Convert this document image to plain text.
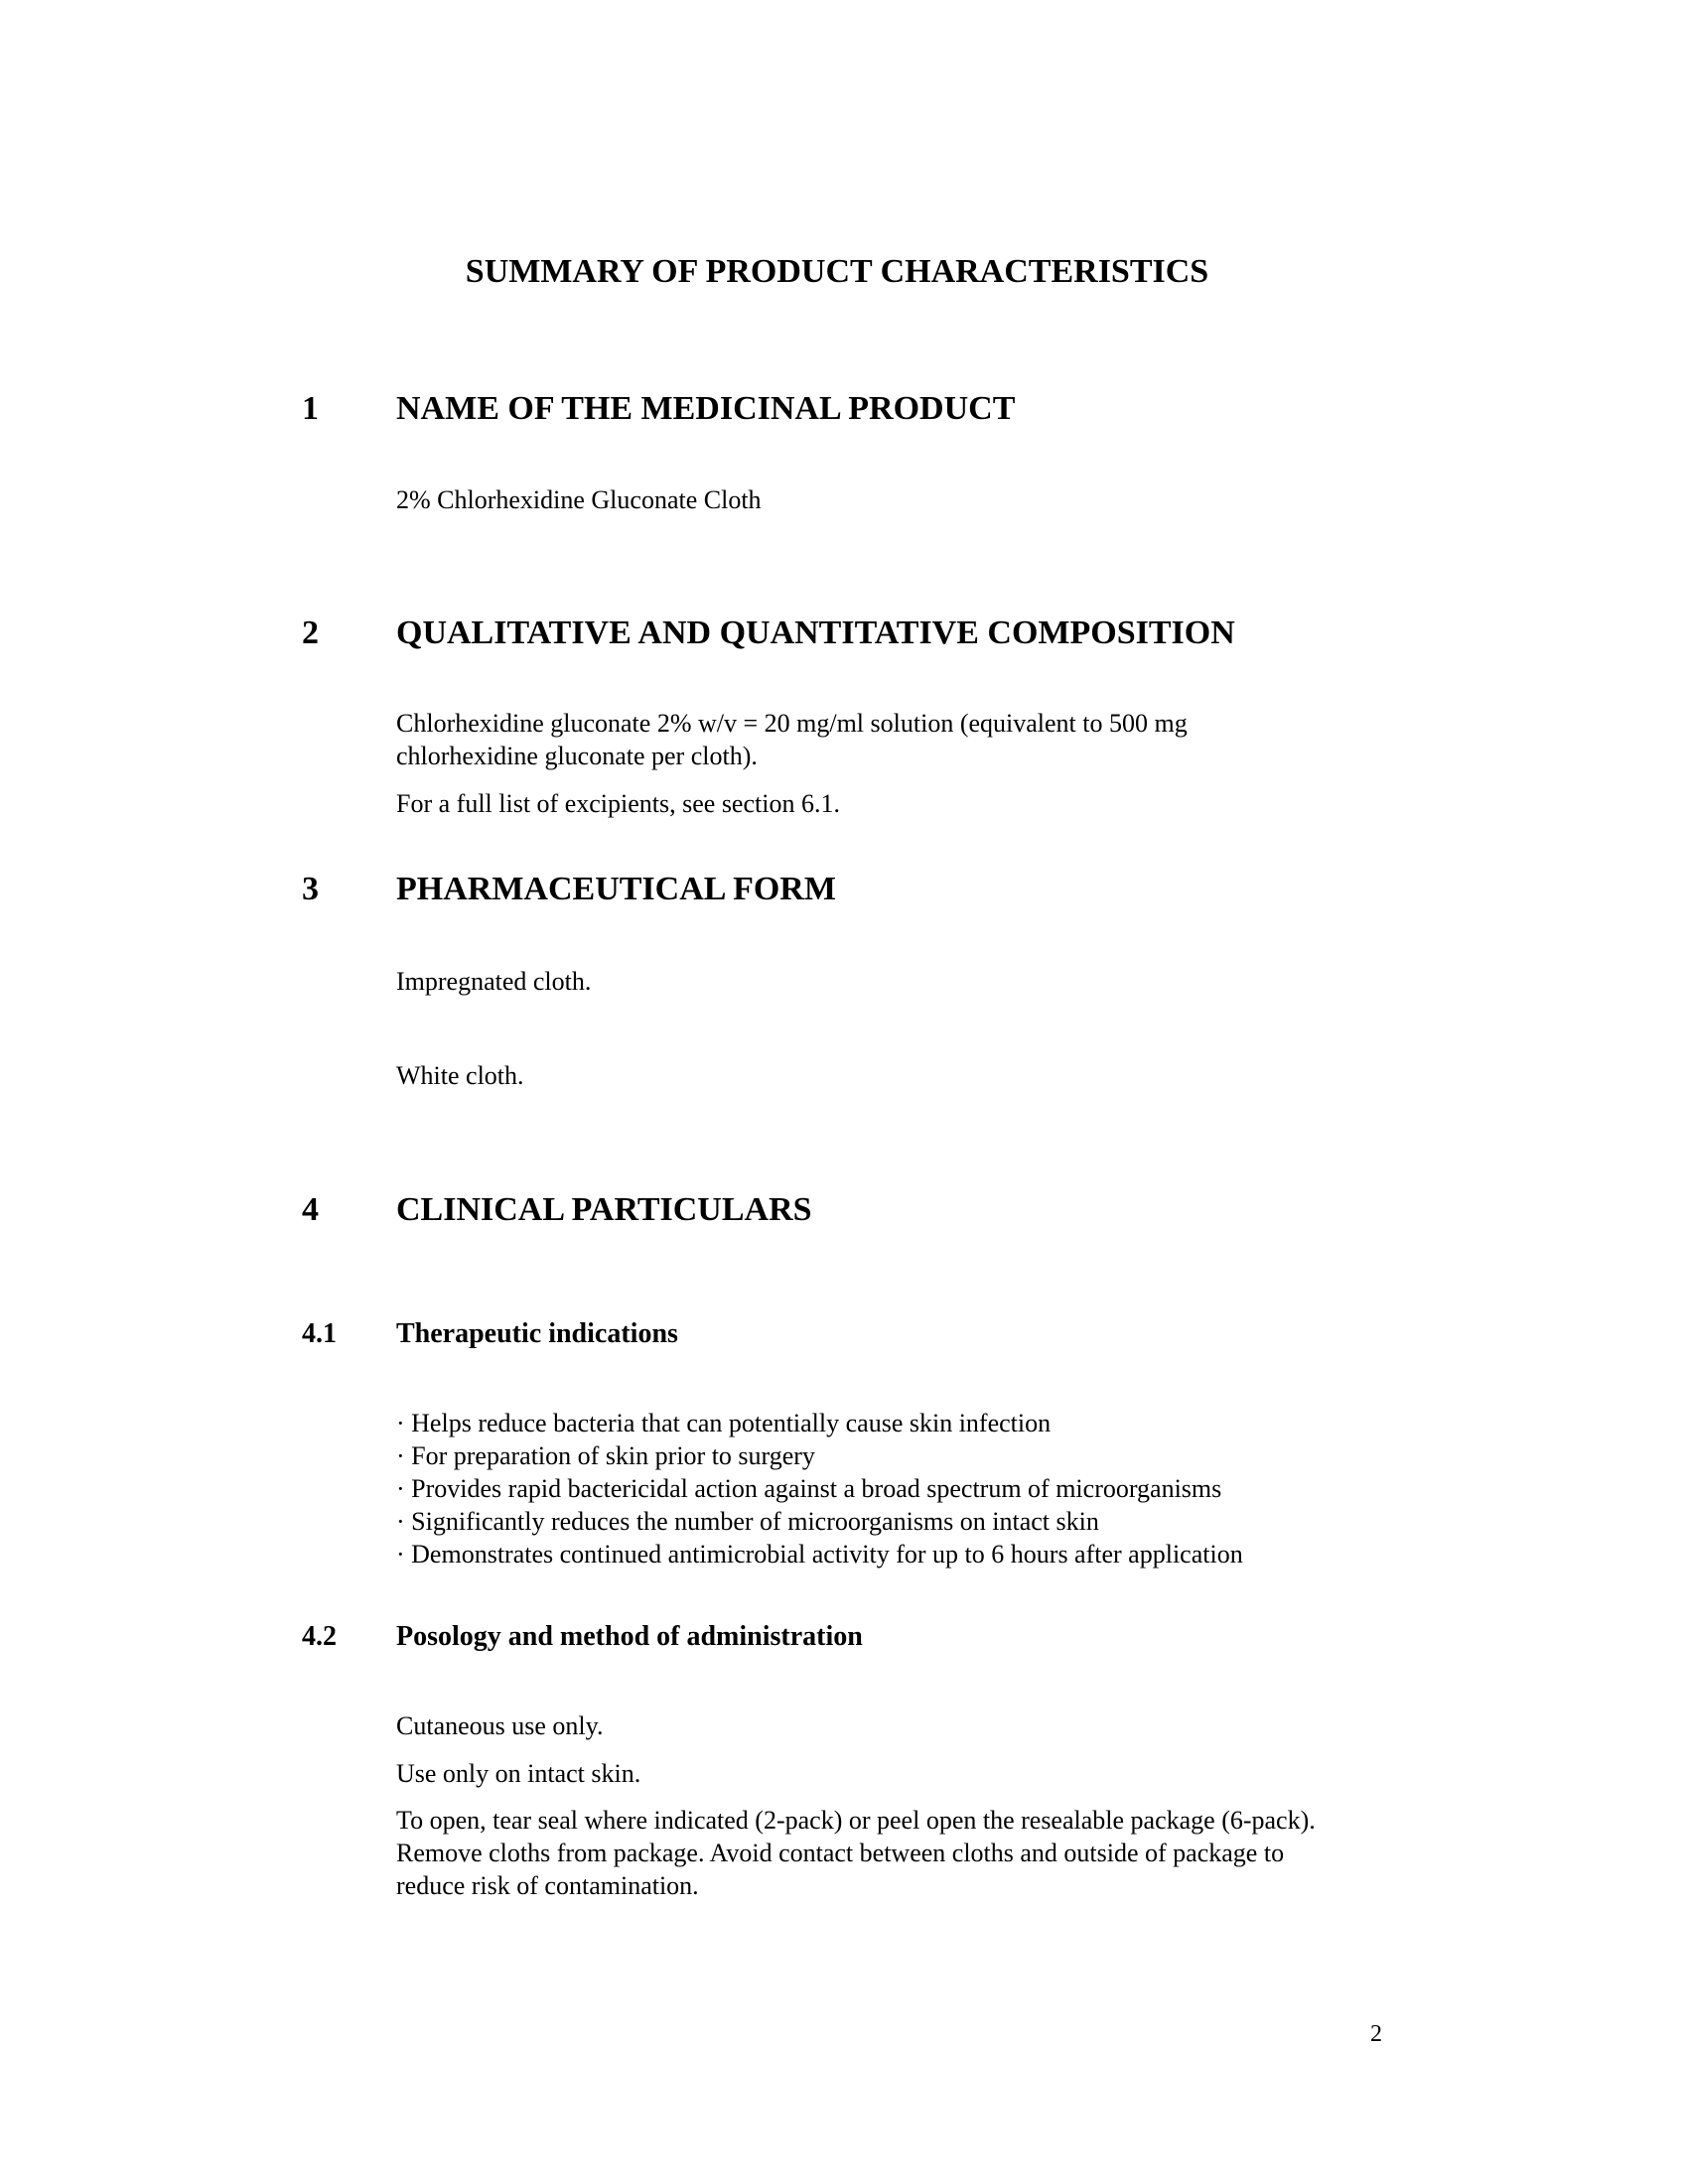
SUMMARY OF PRODUCT CHARACTERISTICS
1 NAME OF THE MEDICINAL PRODUCT

2% Chlorhexidine Gluconate Cloth

2 QUALITATIVE AND QUANTITATIVE COMPOSITION

Chlorhexidine gluconate 2% w/v = 20 mg/ml solution (equivalent to 500 mg chlorhexidine gluconate per cloth).

For a full list of excipients, see section 6.1.

3 PHARMACEUTICAL FORM

Impregnated cloth.

White cloth.

4 CLINICAL PARTICULARS
4.1 Therapeutic indications
· Helps reduce bacteria that can potentially cause skin infection
· For preparation of skin prior to surgery
· Provides rapid bactericidal action against a broad spectrum of microorganisms
· Significantly reduces the number of microorganisms on intact skin
· Demonstrates continued antimicrobial activity for up to 6 hours after application
4.2 Posology and method of administration

Cutaneous use only.

Use only on intact skin.

To open, tear seal where indicated (2-pack) or peel open the resealable package (6-pack). Remove cloths from package. Avoid contact between cloths and outside of package to reduce risk of contamination.

2
